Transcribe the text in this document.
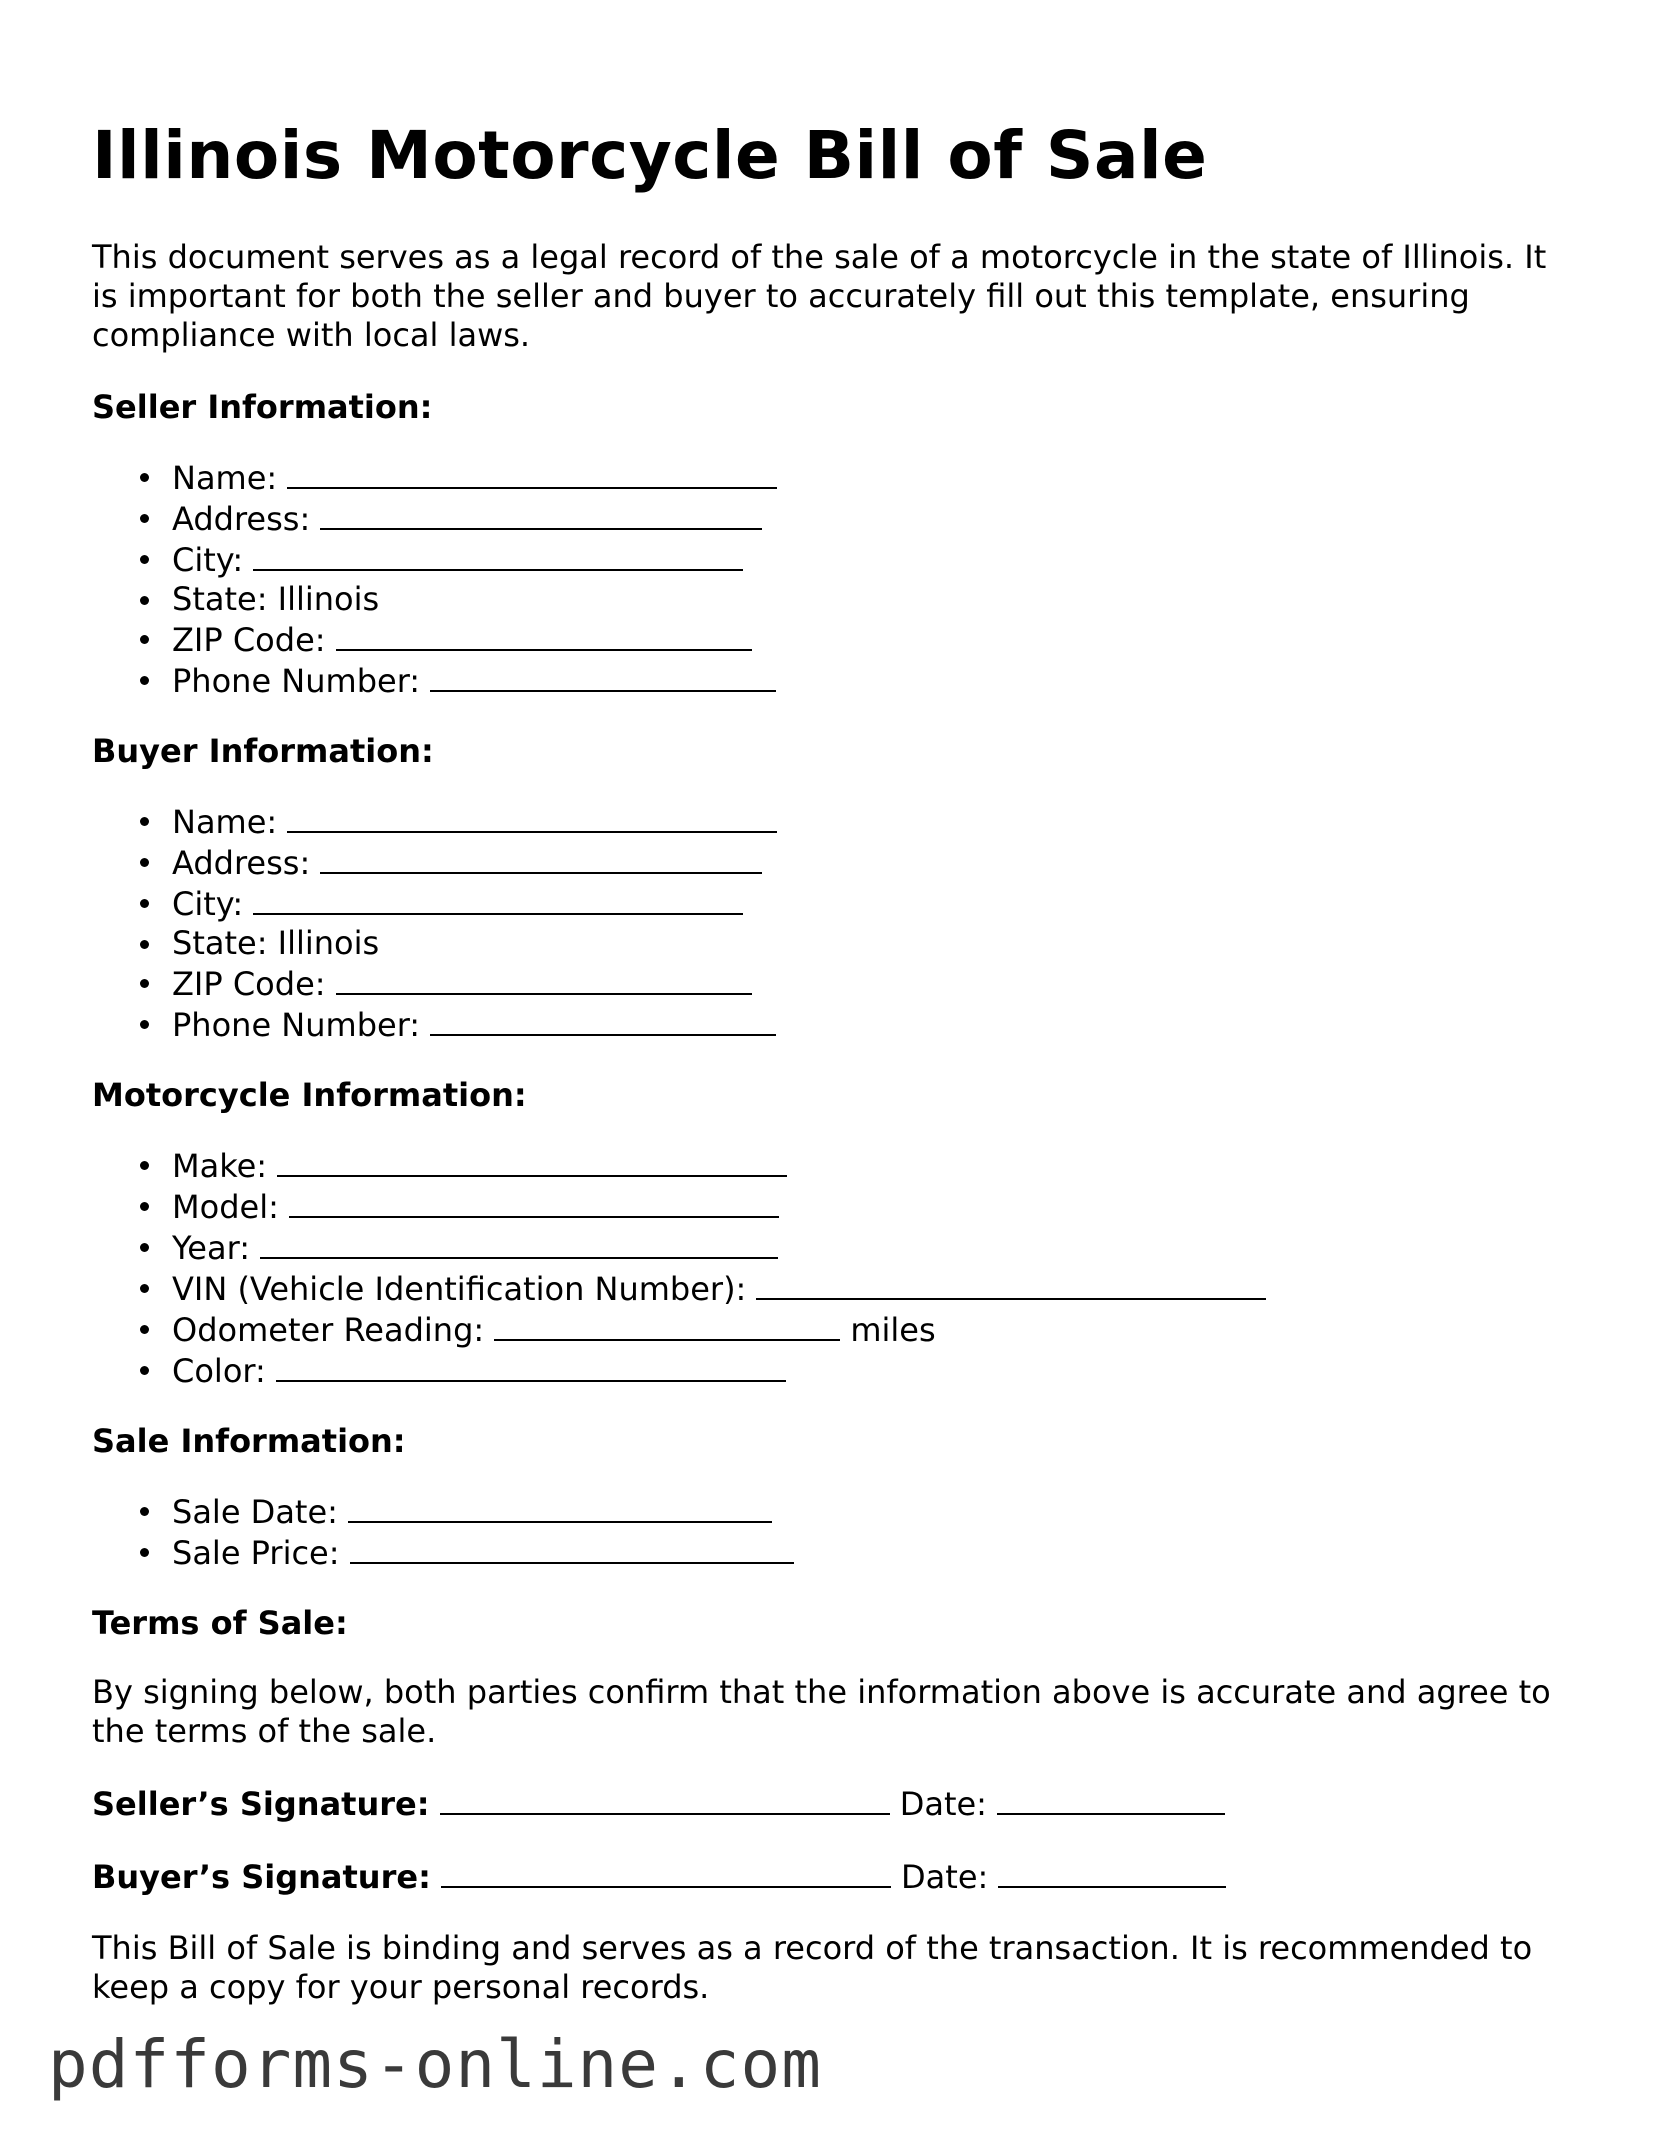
Illinois Motorcycle Bill of Sale

This document serves as a legal record of the sale of a motorcycle in the state of Illinois. It is important for both the seller and buyer to accurately fill out this template, ensuring compliance with local laws.

Seller Information:
Name:
Address:
City:
State: Illinois
ZIP Code:
Phone Number:
Buyer Information:
Name:
Address:
City:
State: Illinois
ZIP Code:
Phone Number:
Motorcycle Information:
Make:
Model:
Year:
VIN (Vehicle Identification Number):
Odometer Reading:	miles
Color:
Sale Information:
Sale Date:
Sale Price:
Terms of Sale:

By signing below, both parties confirm that the information above is accurate and agree to the terms of the sale.

Seller’s Signature:	Date:
Buyer’s Signature:	Date:

This Bill of Sale is binding and serves as a record of the transaction. It is recommended to keep a copy for your personal records.

pdfforms-online.com
